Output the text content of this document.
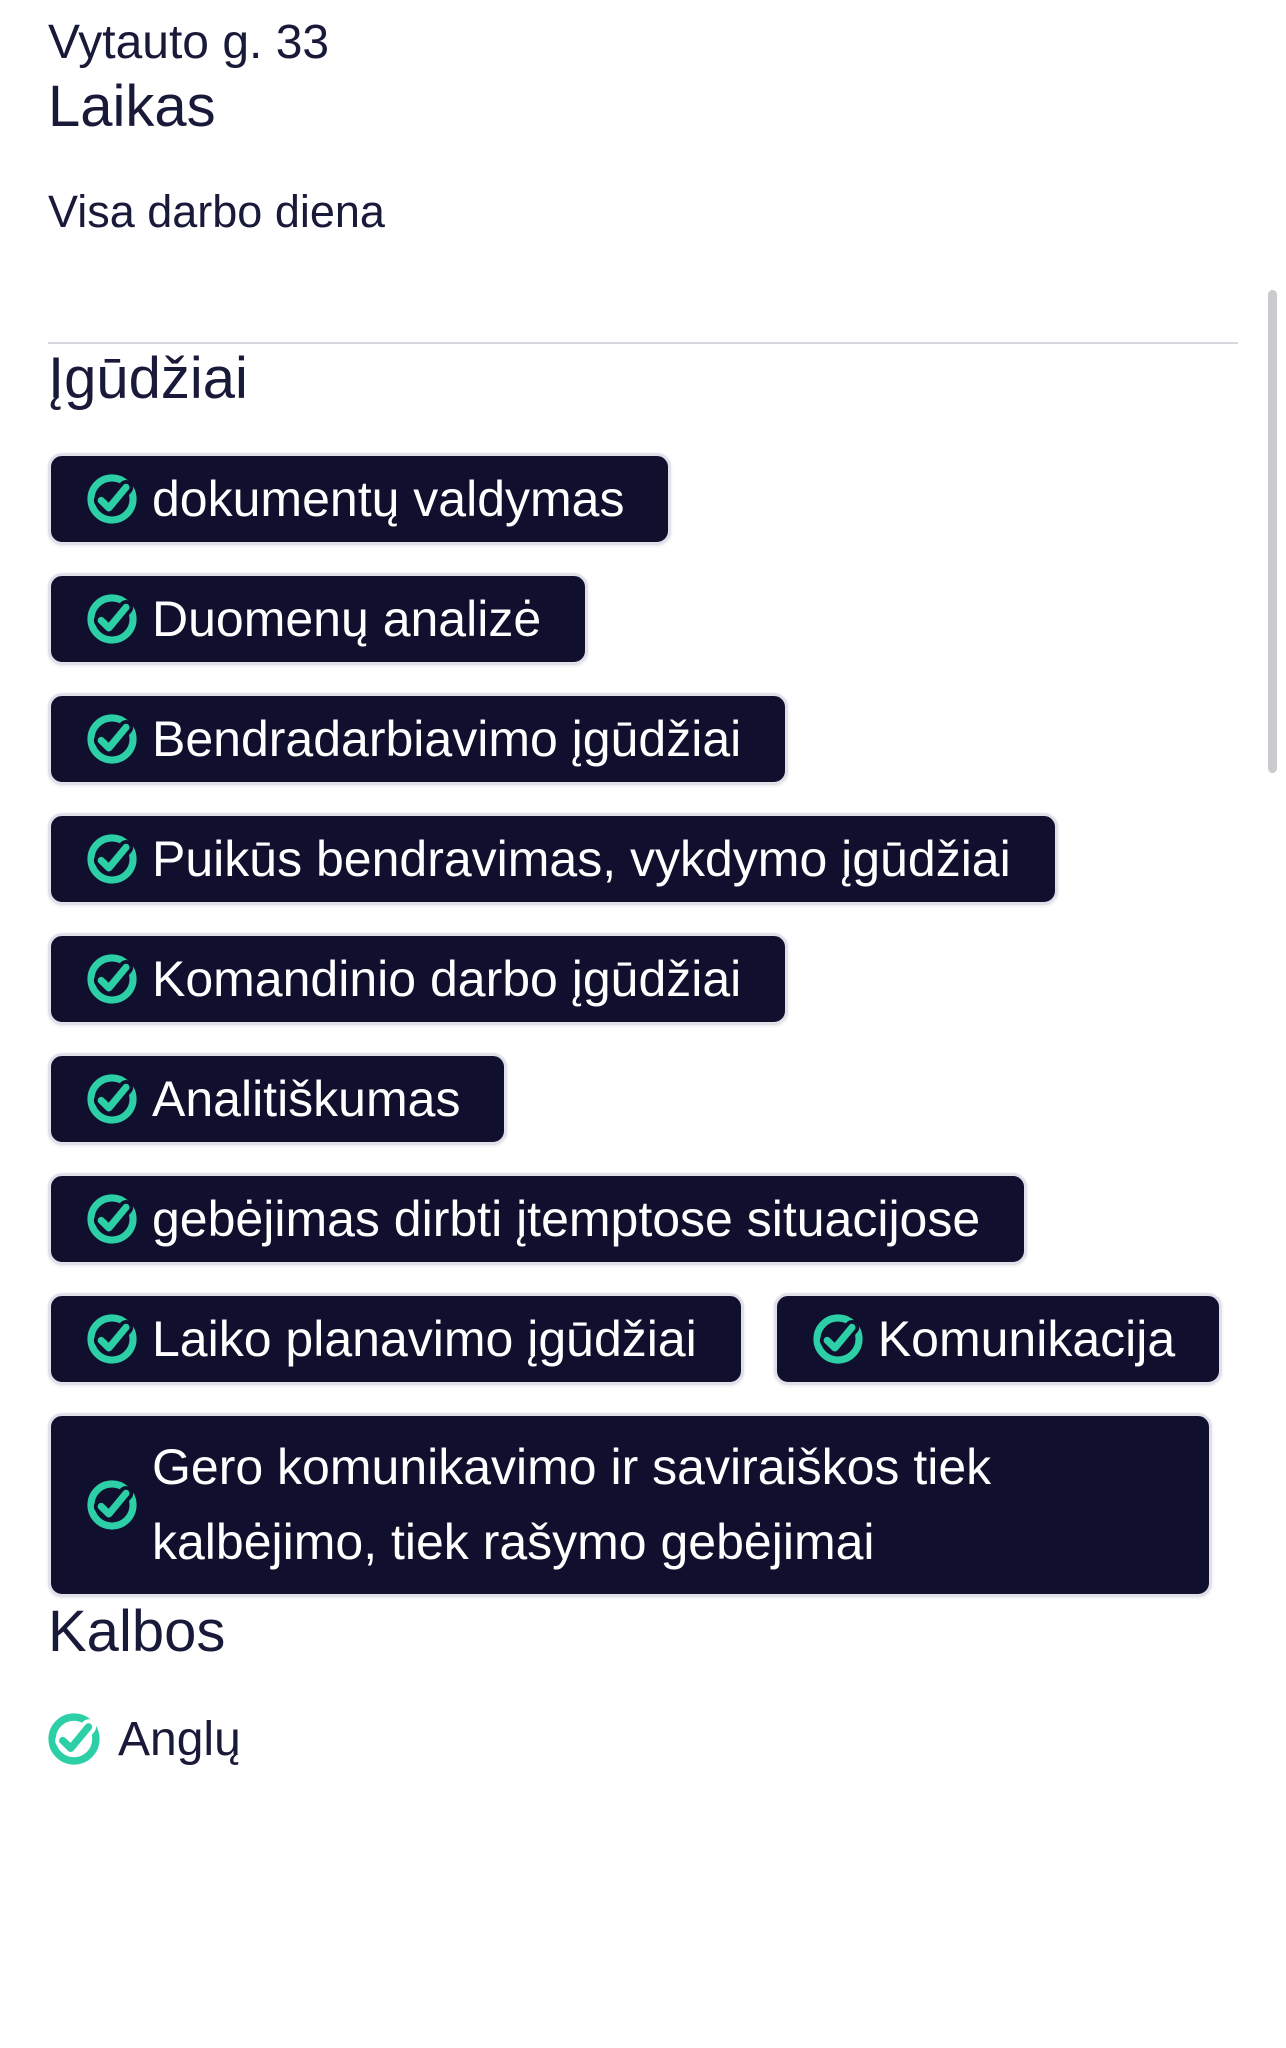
Vytauto g. 33
Laikas

Visa darbo diena

Įgūdžiai
dokumentų valdymas
Duomenų analizė
Bendradarbiavimo įgūdžiai
Puikūs bendravimas, vykdymo įgūdžiai
Komandinio darbo įgūdžiai
Analitiškumas
gebėjimas dirbti įtemptose situacijose
Laiko planavimo įgūdžiai	Komunikacija
Gero komunikavimo ir saviraiškos tiek kalbėjimo, tiek rašymo gebėjimai
Kalbos
Anglų
